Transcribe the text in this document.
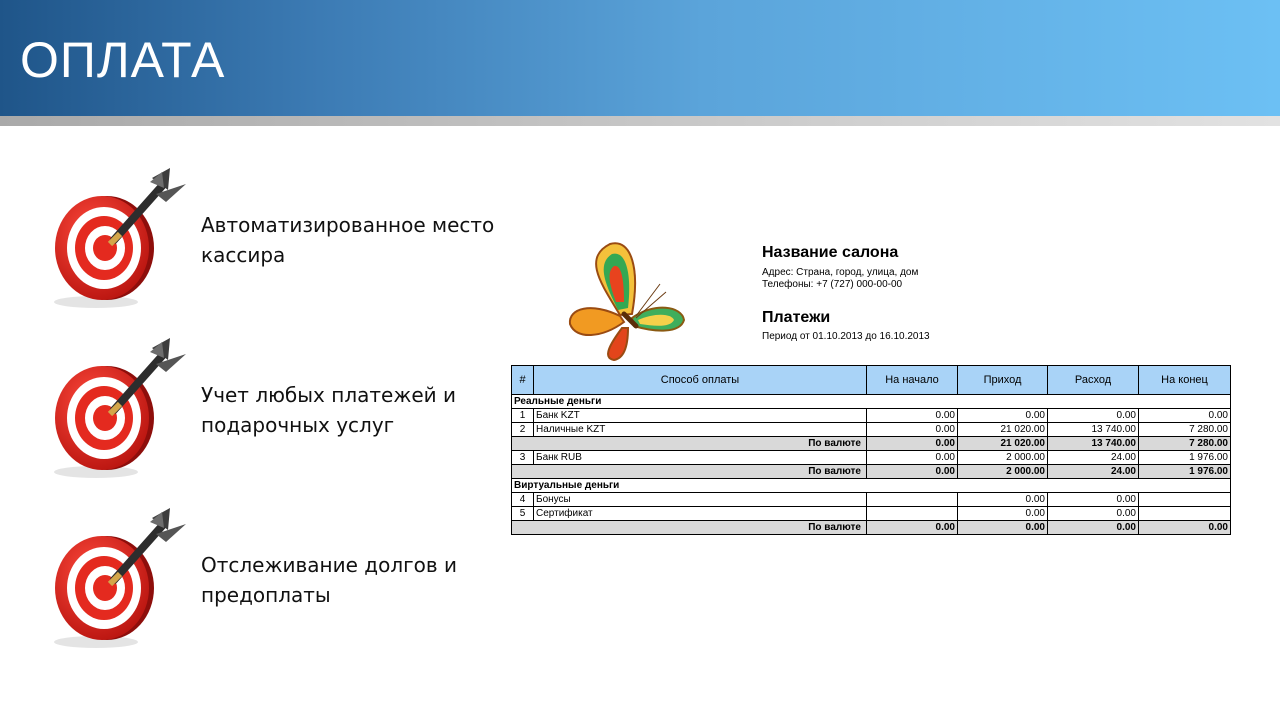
ОПЛАТА
Автоматизированное место кассира
Учет любых платежей и подарочных услуг
Отслеживание долгов и предоплаты
Название салона
Адрес: Страна, город, улица, дом
Телефоны: +7 (727) 000-00-00
Платежи
Период от 01.10.2013 до 16.10.2013
#	Способ оплаты	На начало	Приход	Расход	На конец
Реальные деньги					
1	Банк KZT	0.00	0.00	0.00	0.00
2	Наличные KZT	0.00	21 020.00	13 740.00	7 280.00
По валюте		0.00	21 020.00	13 740.00	7 280.00
3	Банк RUB	0.00	2 000.00	24.00	1 976.00
По валюте		0.00	2 000.00	24.00	1 976.00
Виртуальные деньги					
4	Бонусы		0.00	0.00	
5	Сертификат		0.00	0.00	
По валюте		0.00	0.00	0.00	0.00
